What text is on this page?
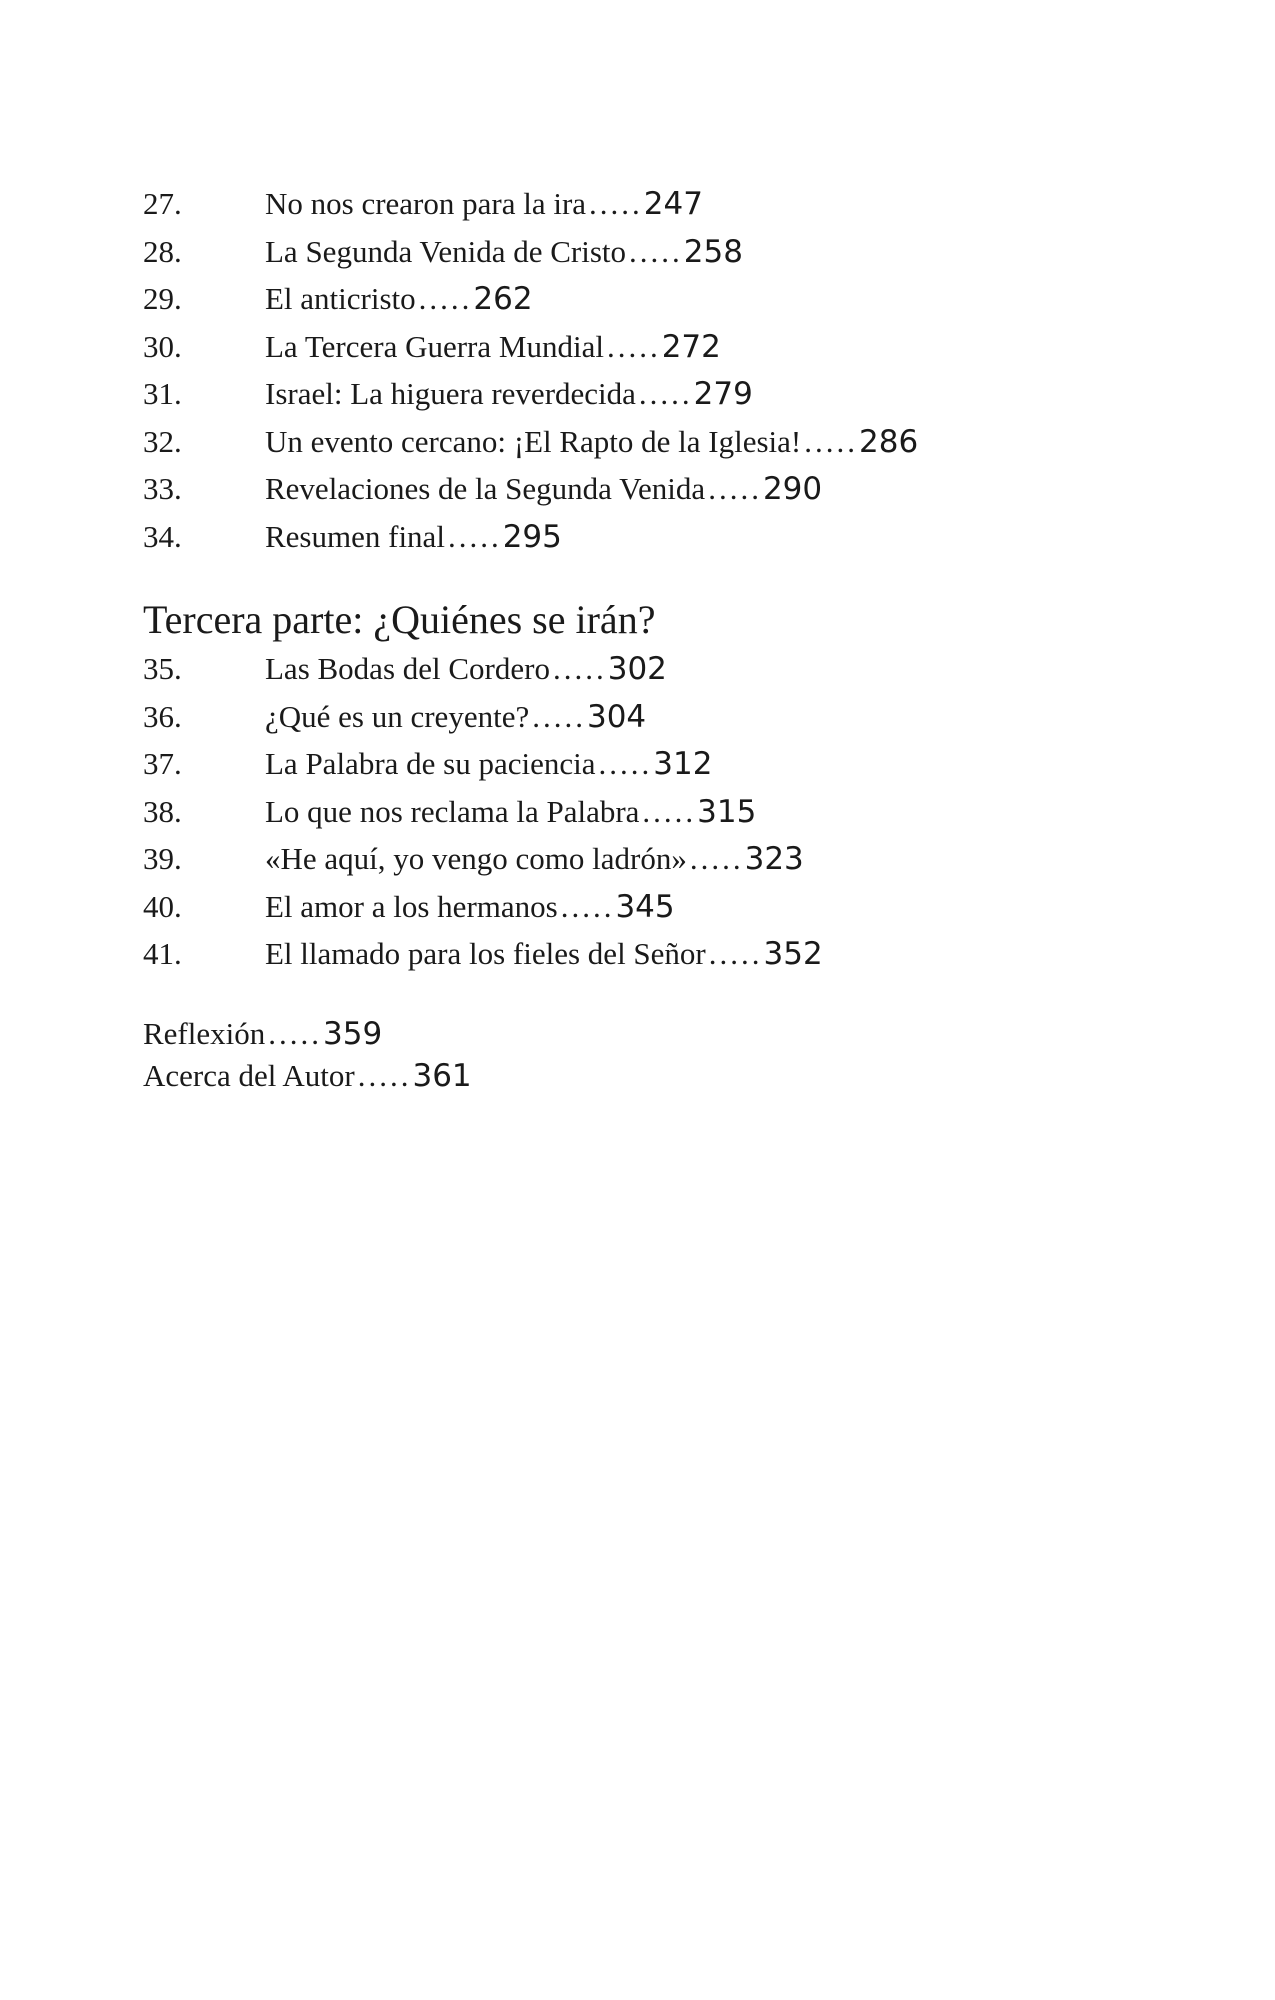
27.	No nos crearon para la ira ..... 247
28.	La Segunda Venida de Cristo ..... 258
29.	El anticristo ..... 262
30.	La Tercera Guerra Mundial ..... 272
31.	Israel: La higuera reverdecida ..... 279
32.	Un evento cercano: ¡El Rapto de la Iglesia! ..... 286
33.	Revelaciones de la Segunda Venida ..... 290
34.	Resumen final ..... 295
Tercera parte: ¿Quiénes se irán?
35.	Las Bodas del Cordero ..... 302
36.	¿Qué es un creyente? ..... 304
37.	La Palabra de su paciencia ..... 312
38.	Lo que nos reclama la Palabra ..... 315
39.	«He aquí, yo vengo como ladrón» ..... 323
40.	El amor a los hermanos ..... 345
41.	El llamado para los fieles del Señor ..... 352
Reflexión ..... 359
Acerca del Autor ..... 361
